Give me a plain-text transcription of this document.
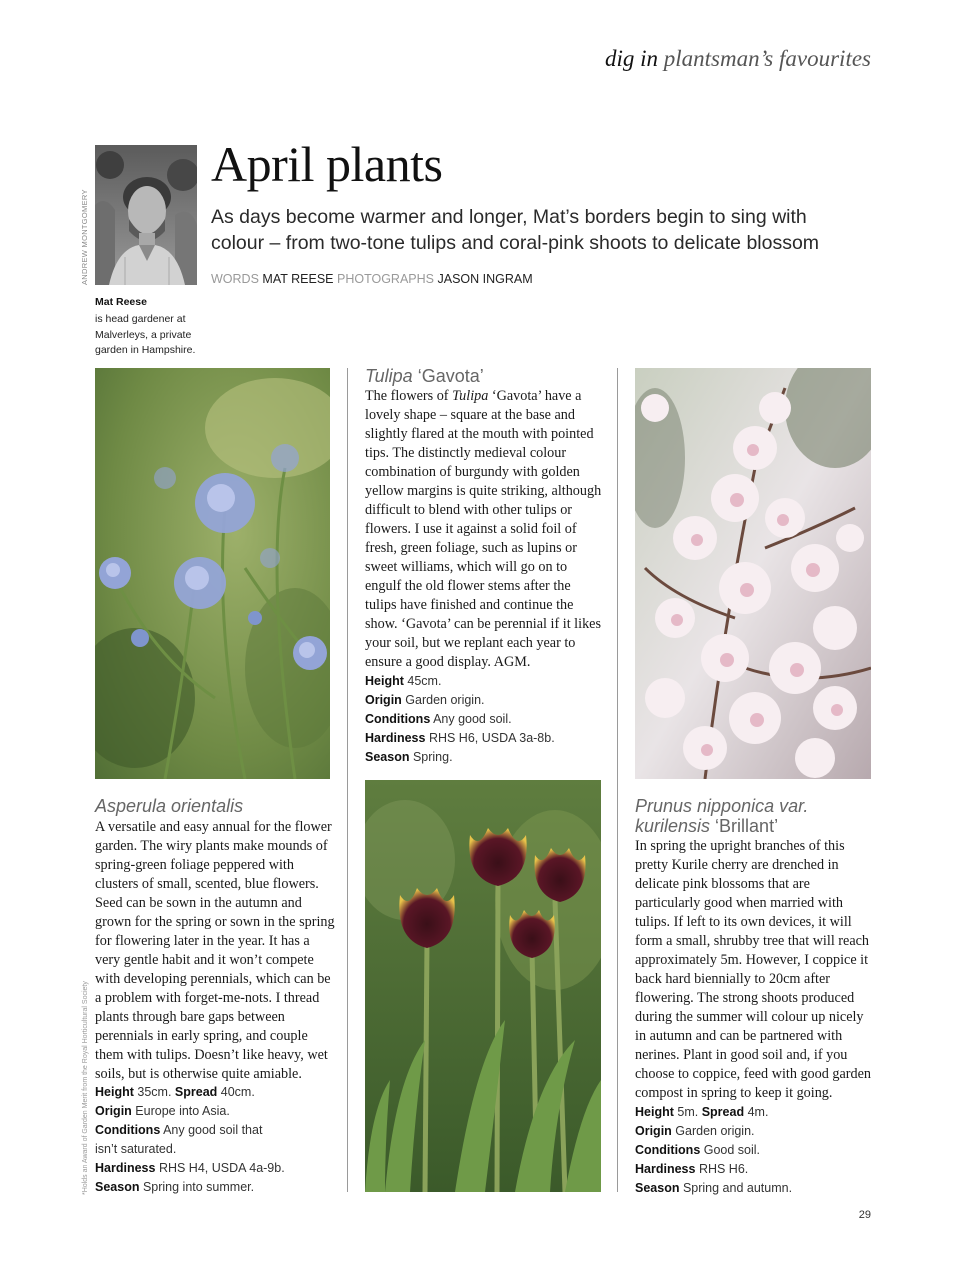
dig in plantsman’s favourites
ANDREW MONTGOMERY
Mat Reese
is head gardener at Malverleys, a private garden in Hampshire.
April plants

As days become warmer and longer, Mat’s borders begin to sing with colour – from two-tone tulips and coral-pink shoots to delicate blossom

WORDS MAT REESE PHOTOGRAPHS JASON INGRAM
Tulipa ‘Gavota’

The flowers of Tulipa ‘Gavota’ have a lovely shape – square at the base and slightly flared at the mouth with pointed tips. The distinctly medieval colour combination of burgundy with golden yellow margins is quite striking, although difficult to blend with other tulips or flowers. I use it against a solid foil of fresh, green foliage, such as lupins or sweet williams, which will go on to engulf the old flower stems after the tulips have finished and continue the show. ‘Gavota’ can be perennial if it likes your soil, but we replant each year to ensure a good display. AGM.

Height 45cm.
Origin Garden origin.
Conditions Any good soil.
Hardiness RHS H6, USDA 3a-8b.
Season Spring.
Asperula orientalis

A versatile and easy annual for the flower garden. The wiry plants make mounds of spring-green foliage peppered with clusters of small, scented, blue flowers. Seed can be sown in the autumn and grown for the spring or sown in the spring for flowering later in the year. It has a very gentle habit and it won’t compete with developing perennials, which can be a problem with forget-me-nots. I thread plants through bare gaps between perennials in early spring, and couple them with tulips. Doesn’t like heavy, wet soils, but is otherwise quite amiable.

Height 35cm. Spread 40cm.
Origin Europe into Asia.
Conditions Any good soil that isn’t saturated.
Hardiness RHS H4, USDA 4a-9b.
Season Spring into summer.
Prunus nipponica var. kurilensis ‘Brillant’

In spring the upright branches of this pretty Kurile cherry are drenched in delicate pink blossoms that are particularly good when married with tulips. If left to its own devices, it will form a small, shrubby tree that will reach approximately 5m. However, I coppice it back hard biennially to 20cm after flowering. The strong shoots produced during the summer will colour up nicely in autumn and can be partnered with nerines. Plant in good soil and, if you choose to coppice, feed with good garden compost in spring to keep it going.

Height 5m. Spread 4m.
Origin Garden origin.
Conditions Good soil.
Hardiness RHS H6.
Season Spring and autumn.
*Holds an Award of Garden Merit from the Royal Horticultural Society
29
